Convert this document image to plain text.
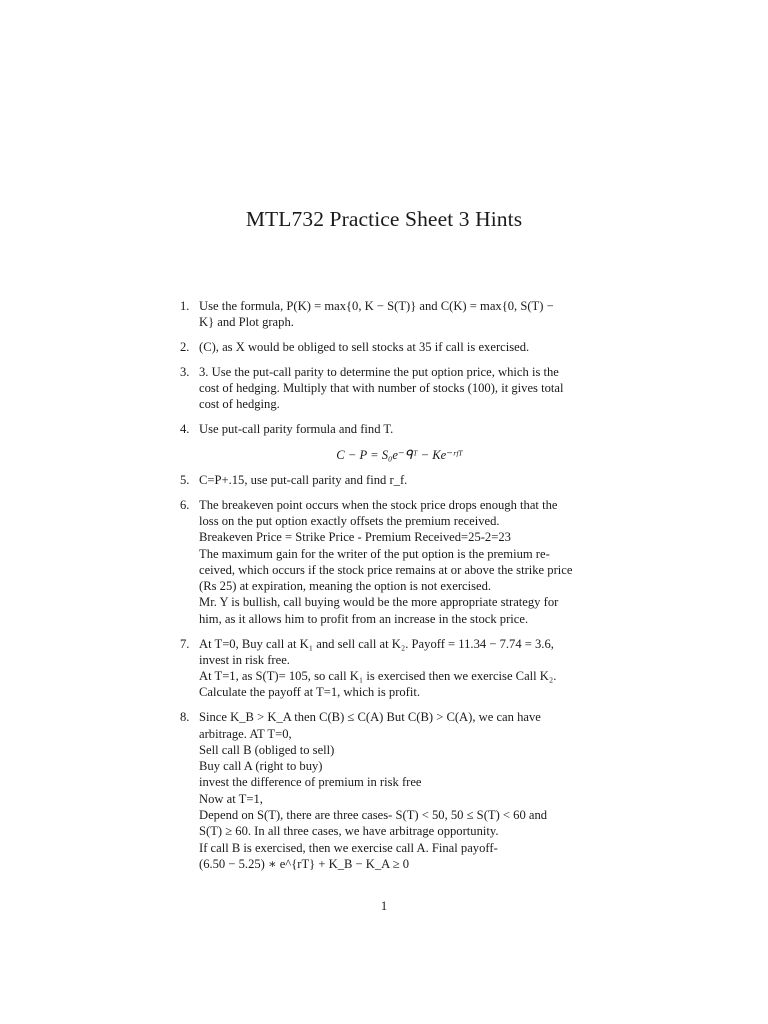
MTL732 Practice Sheet 3 Hints
1. Use the formula, P(K) = max{0, K − S(T)} and C(K) = max{0, S(T) −
K} and Plot graph.
2. (C), as X would be obliged to sell stocks at 35 if call is exercised.
3. 3. Use the put-call parity to determine the put option price, which is the
cost of hedging. Multiply that with number of stocks (100), it gives total
cost of hedging.
4. Use put-call parity formula and find T.
C − P = S₀e⁻ᑫᵀ − Ke⁻ʳᶠᵀ
5. C=P+.15, use put-call parity and find r_f.
6. The breakeven point occurs when the stock price drops enough that the
loss on the put option exactly offsets the premium received.
Breakeven Price = Strike Price - Premium Received=25-2=23
The maximum gain for the writer of the put option is the premium re-
ceived, which occurs if the stock price remains at or above the strike price
(Rs 25) at expiration, meaning the option is not exercised.
Mr. Y is bullish, call buying would be the more appropriate strategy for
him, as it allows him to profit from an increase in the stock price.
7. At T=0, Buy call at K₁ and sell call at K₂. Payoff = 11.34 − 7.74 = 3.6,
invest in risk free.
At T=1, as S(T)= 105, so call K₁ is exercised then we exercise Call K₂.
Calculate the payoff at T=1, which is profit.
8. Since K_B > K_A then C(B) ≤ C(A) But C(B) > C(A), we can have
arbitrage. AT T=0,
Sell call B (obliged to sell)
Buy call A (right to buy)
invest the difference of premium in risk free
Now at T=1,
Depend on S(T), there are three cases- S(T) < 50, 50 ≤ S(T) < 60 and
S(T) ≥ 60. In all three cases, we have arbitrage opportunity.
If call B is exercised, then we exercise call A. Final payoff-
(6.50 − 5.25) ∗ e^{rT} + K_B − K_A ≥ 0
1
